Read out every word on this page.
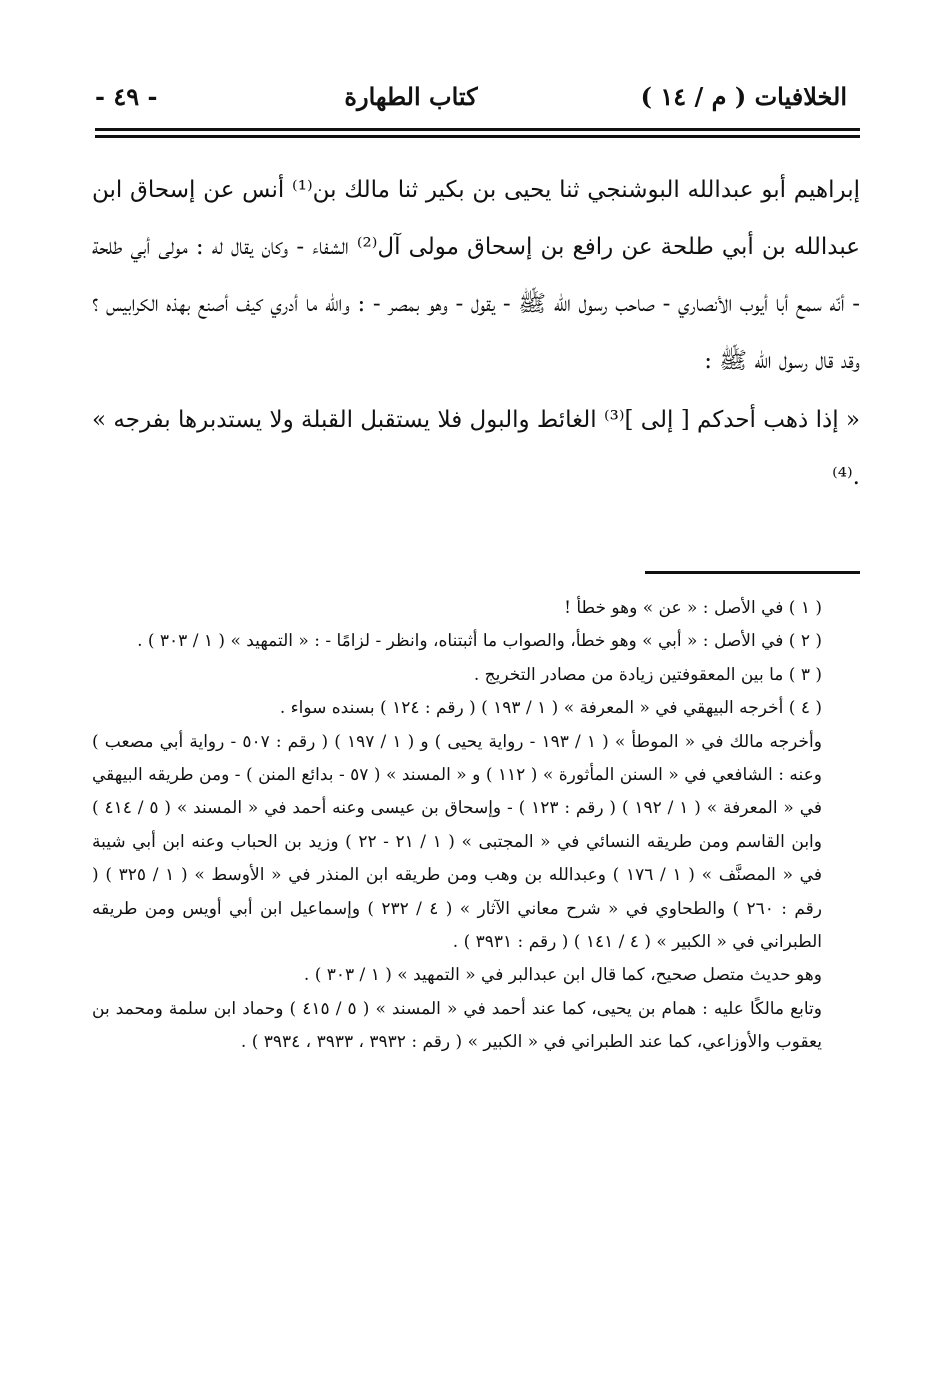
الخلافيات ( م / ١٤ )
كتاب الطهارة
- ٤٩ -

إبراهيم أبو عبدالله البوشنجي ثنا يحيى بن بكير ثنا مالك بن⁽¹⁾ أنس عن إسحاق ابن عبدالله بن أبي طلحة عن رافع بن إسحاق مولى آل⁽²⁾ الشفاء - وكان يقال له : مولى أبي طلحة - أنّه سمع أبا أيوب الأنصاري - صاحب رسول الله ﷺ - يقول - وهو بمصر - : والله ما أدري كيف أصنع بهذه الكرابيس ؟ وقد قال رسول الله ﷺ :

« إذا ذهب أحدكم [ إلى ]⁽³⁾ الغائط والبول فلا يستقبل القبلة ولا يستدبرها بفرجه » .⁽⁴⁾

( ١ ) في الأصل : « عن » وهو خطأ !

( ٢ ) في الأصل : « أبي » وهو خطأ، والصواب ما أثبتناه، وانظر - لزامًا - : « التمهيد » ( ١ / ٣٠٣ ) .

( ٣ ) ما بين المعقوفتين زيادة من مصادر التخريج .

( ٤ ) أخرجه البيهقي في « المعرفة » ( ١ / ١٩٣ ) ( رقم : ١٢٤ ) بسنده سواء .

وأخرجه مالك في « الموطأ » ( ١ / ١٩٣ - رواية يحيى ) و ( ١ / ١٩٧ ) ( رقم : ٥٠٧ - رواية أبي مصعب ) وعنه : الشافعي في « السنن المأثورة » ( ١١٢ ) و « المسند » ( ٥٧ - بدائع المنن ) - ومن طريقه البيهقي في « المعرفة » ( ١ / ١٩٢ ) ( رقم : ١٢٣ ) - وإسحاق بن عيسى وعنه أحمد في « المسند » ( ٥ / ٤١٤ ) وابن القاسم ومن طريقه النسائي في « المجتبى » ( ١ / ٢١ - ٢٢ ) وزيد بن الحباب وعنه ابن أبي شيبة في « المصنَّف » ( ١ / ١٧٦ ) وعبدالله بن وهب ومن طريقه ابن المنذر في « الأوسط » ( ١ / ٣٢٥ ) ( رقم : ٢٦٠ ) والطحاوي في « شرح معاني الآثار » ( ٤ / ٢٣٢ ) وإسماعيل ابن أبي أويس ومن طريقه الطبراني في « الكبير » ( ٤ / ١٤١ ) ( رقم : ٣٩٣١ ) .

وهو حديث متصل صحيح، كما قال ابن عبدالبر في « التمهيد » ( ١ / ٣٠٣ ) .

وتابع مالكًا عليه : همام بن يحيى، كما عند أحمد في « المسند » ( ٥ / ٤١٥ ) وحماد ابن سلمة ومحمد بن يعقوب والأوزاعي، كما عند الطبراني في « الكبير » ( رقم : ٣٩٣٢ ، ٣٩٣٣ ، ٣٩٣٤ ) .
